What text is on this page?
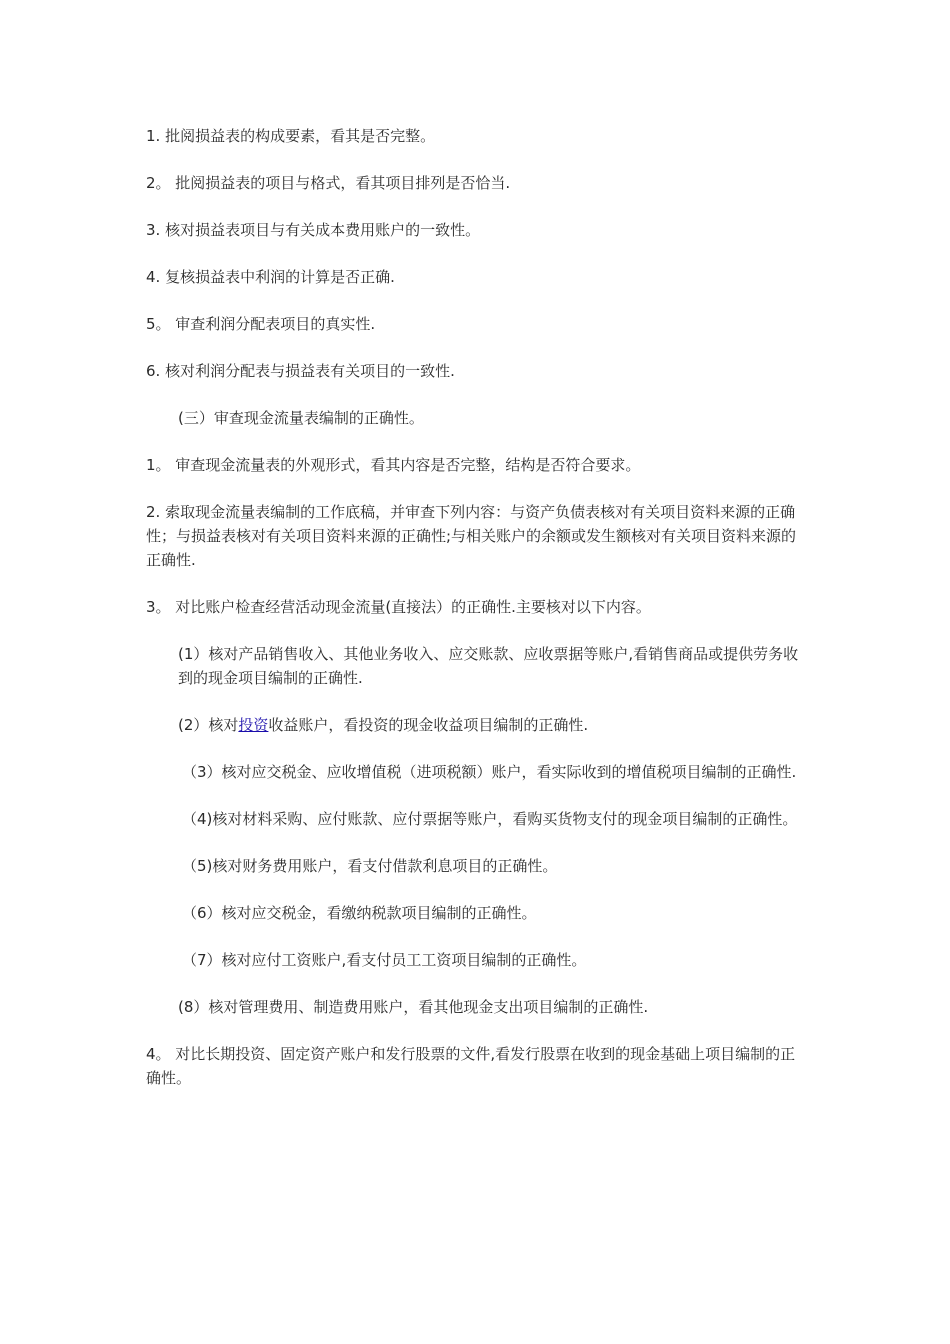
1. 批阅损益表的构成要素，看其是否完整。

2。 批阅损益表的项目与格式，看其项目排列是否恰当.

3. 核对损益表项目与有关成本费用账户的一致性。

4. 复核损益表中利润的计算是否正确.

5。 审查利润分配表项目的真实性.

6. 核对利润分配表与损益表有关项目的一致性.

(三）审查现金流量表编制的正确性。

1。 审查现金流量表的外观形式，看其内容是否完整，结构是否符合要求。

2. 索取现金流量表编制的工作底稿，并审查下列内容：与资产负债表核对有关项目资料来源的正确性；与损益表核对有关项目资料来源的正确性;与相关账户的余额或发生额核对有关项目资料来源的正确性.

3。 对比账户检查经营活动现金流量(直接法）的正确性.主要核对以下内容。

(1）核对产品销售收入、其他业务收入、应交账款、应收票据等账户,看销售商品或提供劳务收到的现金项目编制的正确性.

(2）核对投资收益账户，看投资的现金收益项目编制的正确性.

（3）核对应交税金、应收增值税（进项税额）账户，看实际收到的增值税项目编制的正确性.

（4)核对材料采购、应付账款、应付票据等账户，看购买货物支付的现金项目编制的正确性。

（5)核对财务费用账户，看支付借款利息项目的正确性。

（6）核对应交税金，看缴纳税款项目编制的正确性。

（7）核对应付工资账户,看支付员工工资项目编制的正确性。

(8）核对管理费用、制造费用账户，看其他现金支出项目编制的正确性.

4。 对比长期投资、固定资产账户和发行股票的文件,看发行股票在收到的现金基础上项目编制的正确性。
